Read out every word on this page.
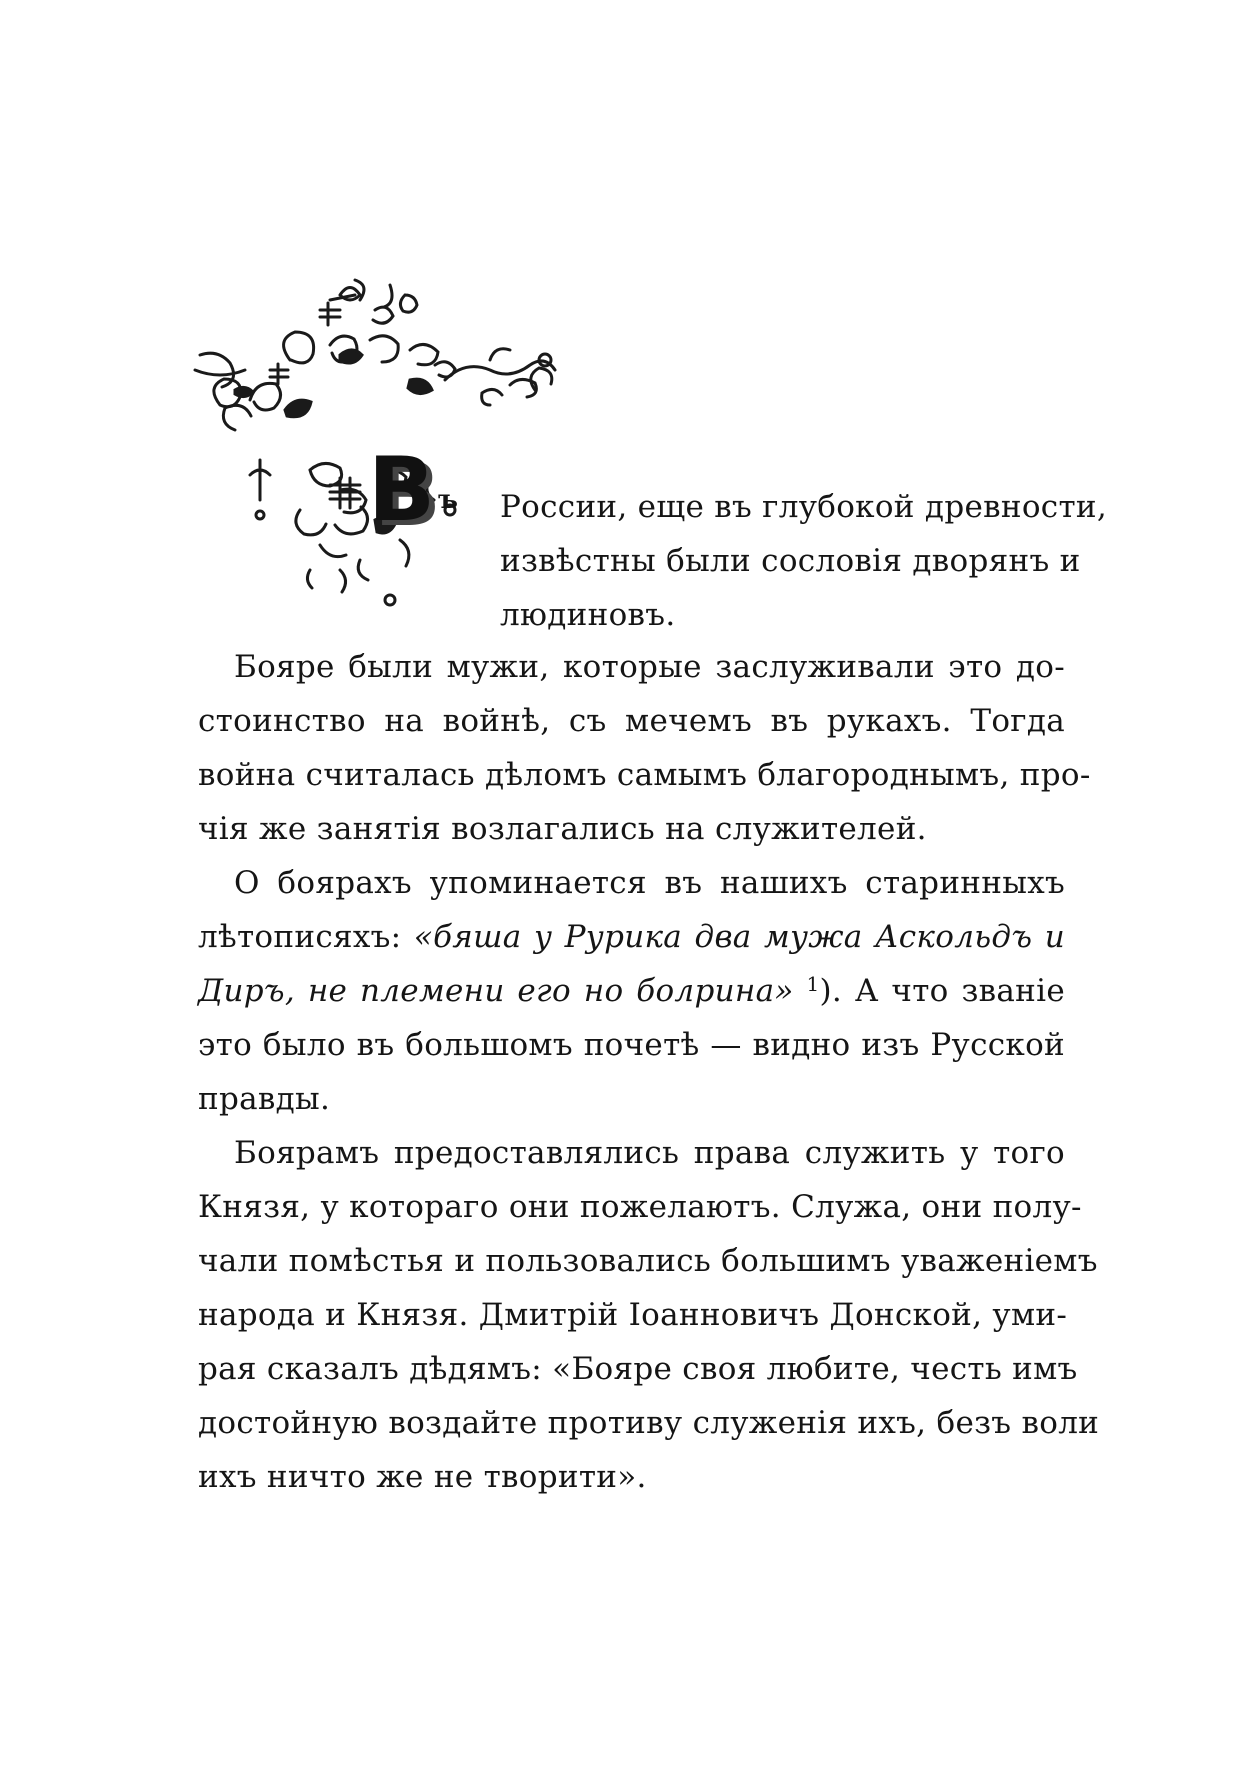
В ъ России, еще въ глубокой древности,
извѣстны были сословія дворянъ и
людиновъ.
Бояре были мужи, которые заслуживали это до-
стоинство на войнѣ, съ мечемъ въ рукахъ. Тогда
война считалась дѣломъ самымъ благороднымъ, про-
чія же занятія возлагались на служителей.
О боярахъ упоминается въ нашихъ старинныхъ
лѣтописяхъ: «бяша у Рурика два мужа Аскольдъ и
Диръ, не племени его но болрина» $^1$). А что званіе
это было въ большомъ почетѣ — видно изъ Русской
правды.
Боярамъ предоставлялись права служить у того
Князя, у котораго они пожелаютъ. Служа, они полу-
чали помѣстья и пользовались большимъ уваженіемъ
народа и Князя. Дмитрій Іоанновичъ Донской, уми-
рая сказалъ дѣдямъ: «Бояре своя любите, честь имъ
достойную воздайте противу служенія ихъ, безъ воли
ихъ ничто же не творити».
